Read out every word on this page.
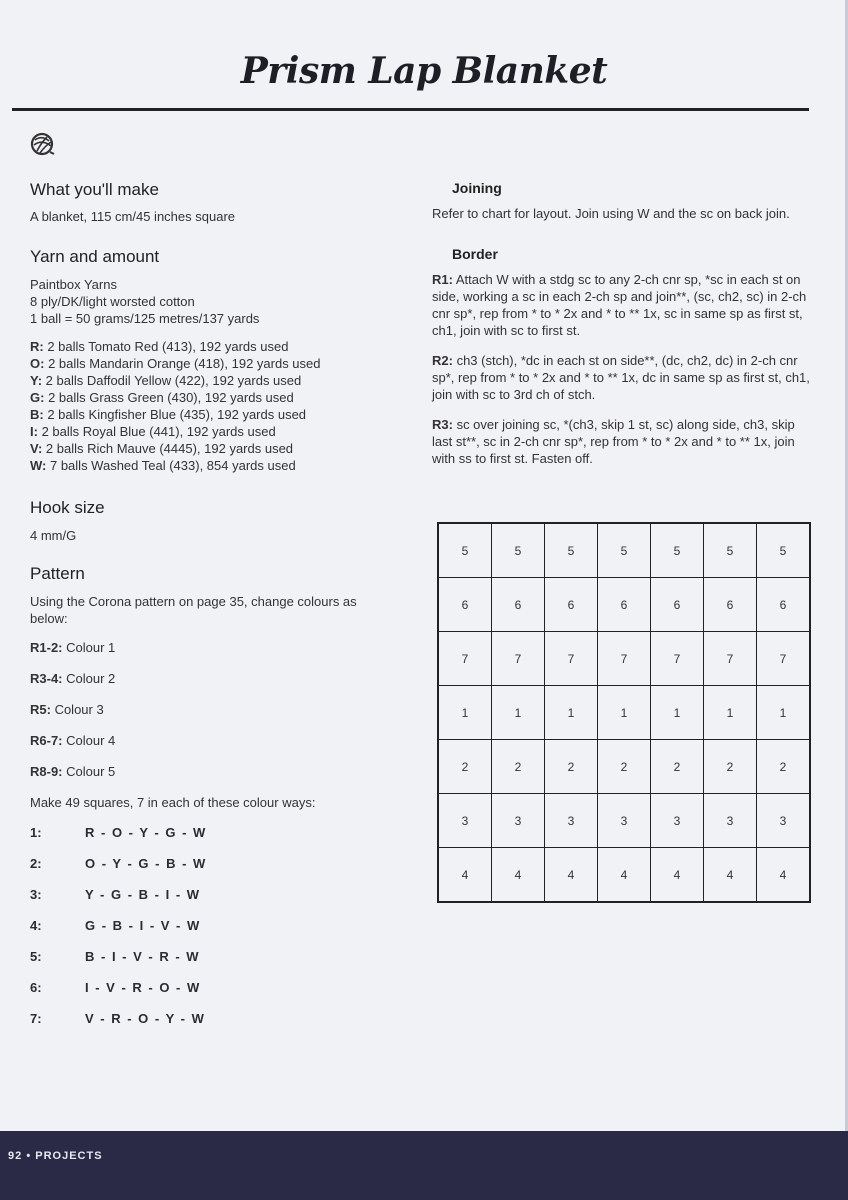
Prism Lap Blanket
What you'll make

A blanket, 115 cm/45 inches square

Yarn and amount

Paintbox Yarns

8 ply/DK/light worsted cotton

1 ball = 50 grams/125 metres/137 yards

R: 2 balls Tomato Red (413), 192 yards used

O: 2 balls Mandarin Orange (418), 192 yards used

Y: 2 balls Daffodil Yellow (422), 192 yards used

G: 2 balls Grass Green (430), 192 yards used

B: 2 balls Kingfisher Blue (435), 192 yards used

I: 2 balls Royal Blue (441), 192 yards used

V: 2 balls Rich Mauve (4445), 192 yards used

W: 7 balls Washed Teal (433), 854 yards used

Hook size

4 mm/G

Pattern

Using the Corona pattern on page 35, change colours as below:

R1-2: Colour 1

R3-4: Colour 2

R5: Colour 3

R6-7: Colour 4

R8-9: Colour 5

Make 49 squares, 7 in each of these colour ways:

1:	R - O - Y - G - W
2:	O - Y - G - B - W
3:	Y - G - B - I - W
4:	G - B - I - V - W
5:	B - I - V - R - W
6:	I - V - R - O - W
7:	V - R - O - Y - W
Joining

Refer to chart for layout. Join using W and the sc on back join.

Border

R1: Attach W with a stdg sc to any 2-ch cnr sp, *sc in each st on side, working a sc in each 2-ch sp and join**, (sc, ch2, sc) in 2-ch cnr sp*, rep from * to * 2x and * to ** 1x, sc in same sp as first st, ch1, join with sc to first st.

R2: ch3 (stch), *dc in each st on side**, (dc, ch2, dc) in 2-ch cnr sp*, rep from * to * 2x and * to ** 1x, dc in same sp as first st, ch1, join with sc to 3rd ch of stch.

R3: sc over joining sc, *(ch3, skip 1 st, sc) along side, ch3, skip last st**, sc in 2-ch cnr sp*, rep from * to * 2x and * to ** 1x, join with ss to first st. Fasten off.

5	5	5	5	5	5	5
6	6	6	6	6	6	6
7	7	7	7	7	7	7
1	1	1	1	1	1	1
2	2	2	2	2	2	2
3	3	3	3	3	3	3
4	4	4	4	4	4	4
92 • PROJECTS
